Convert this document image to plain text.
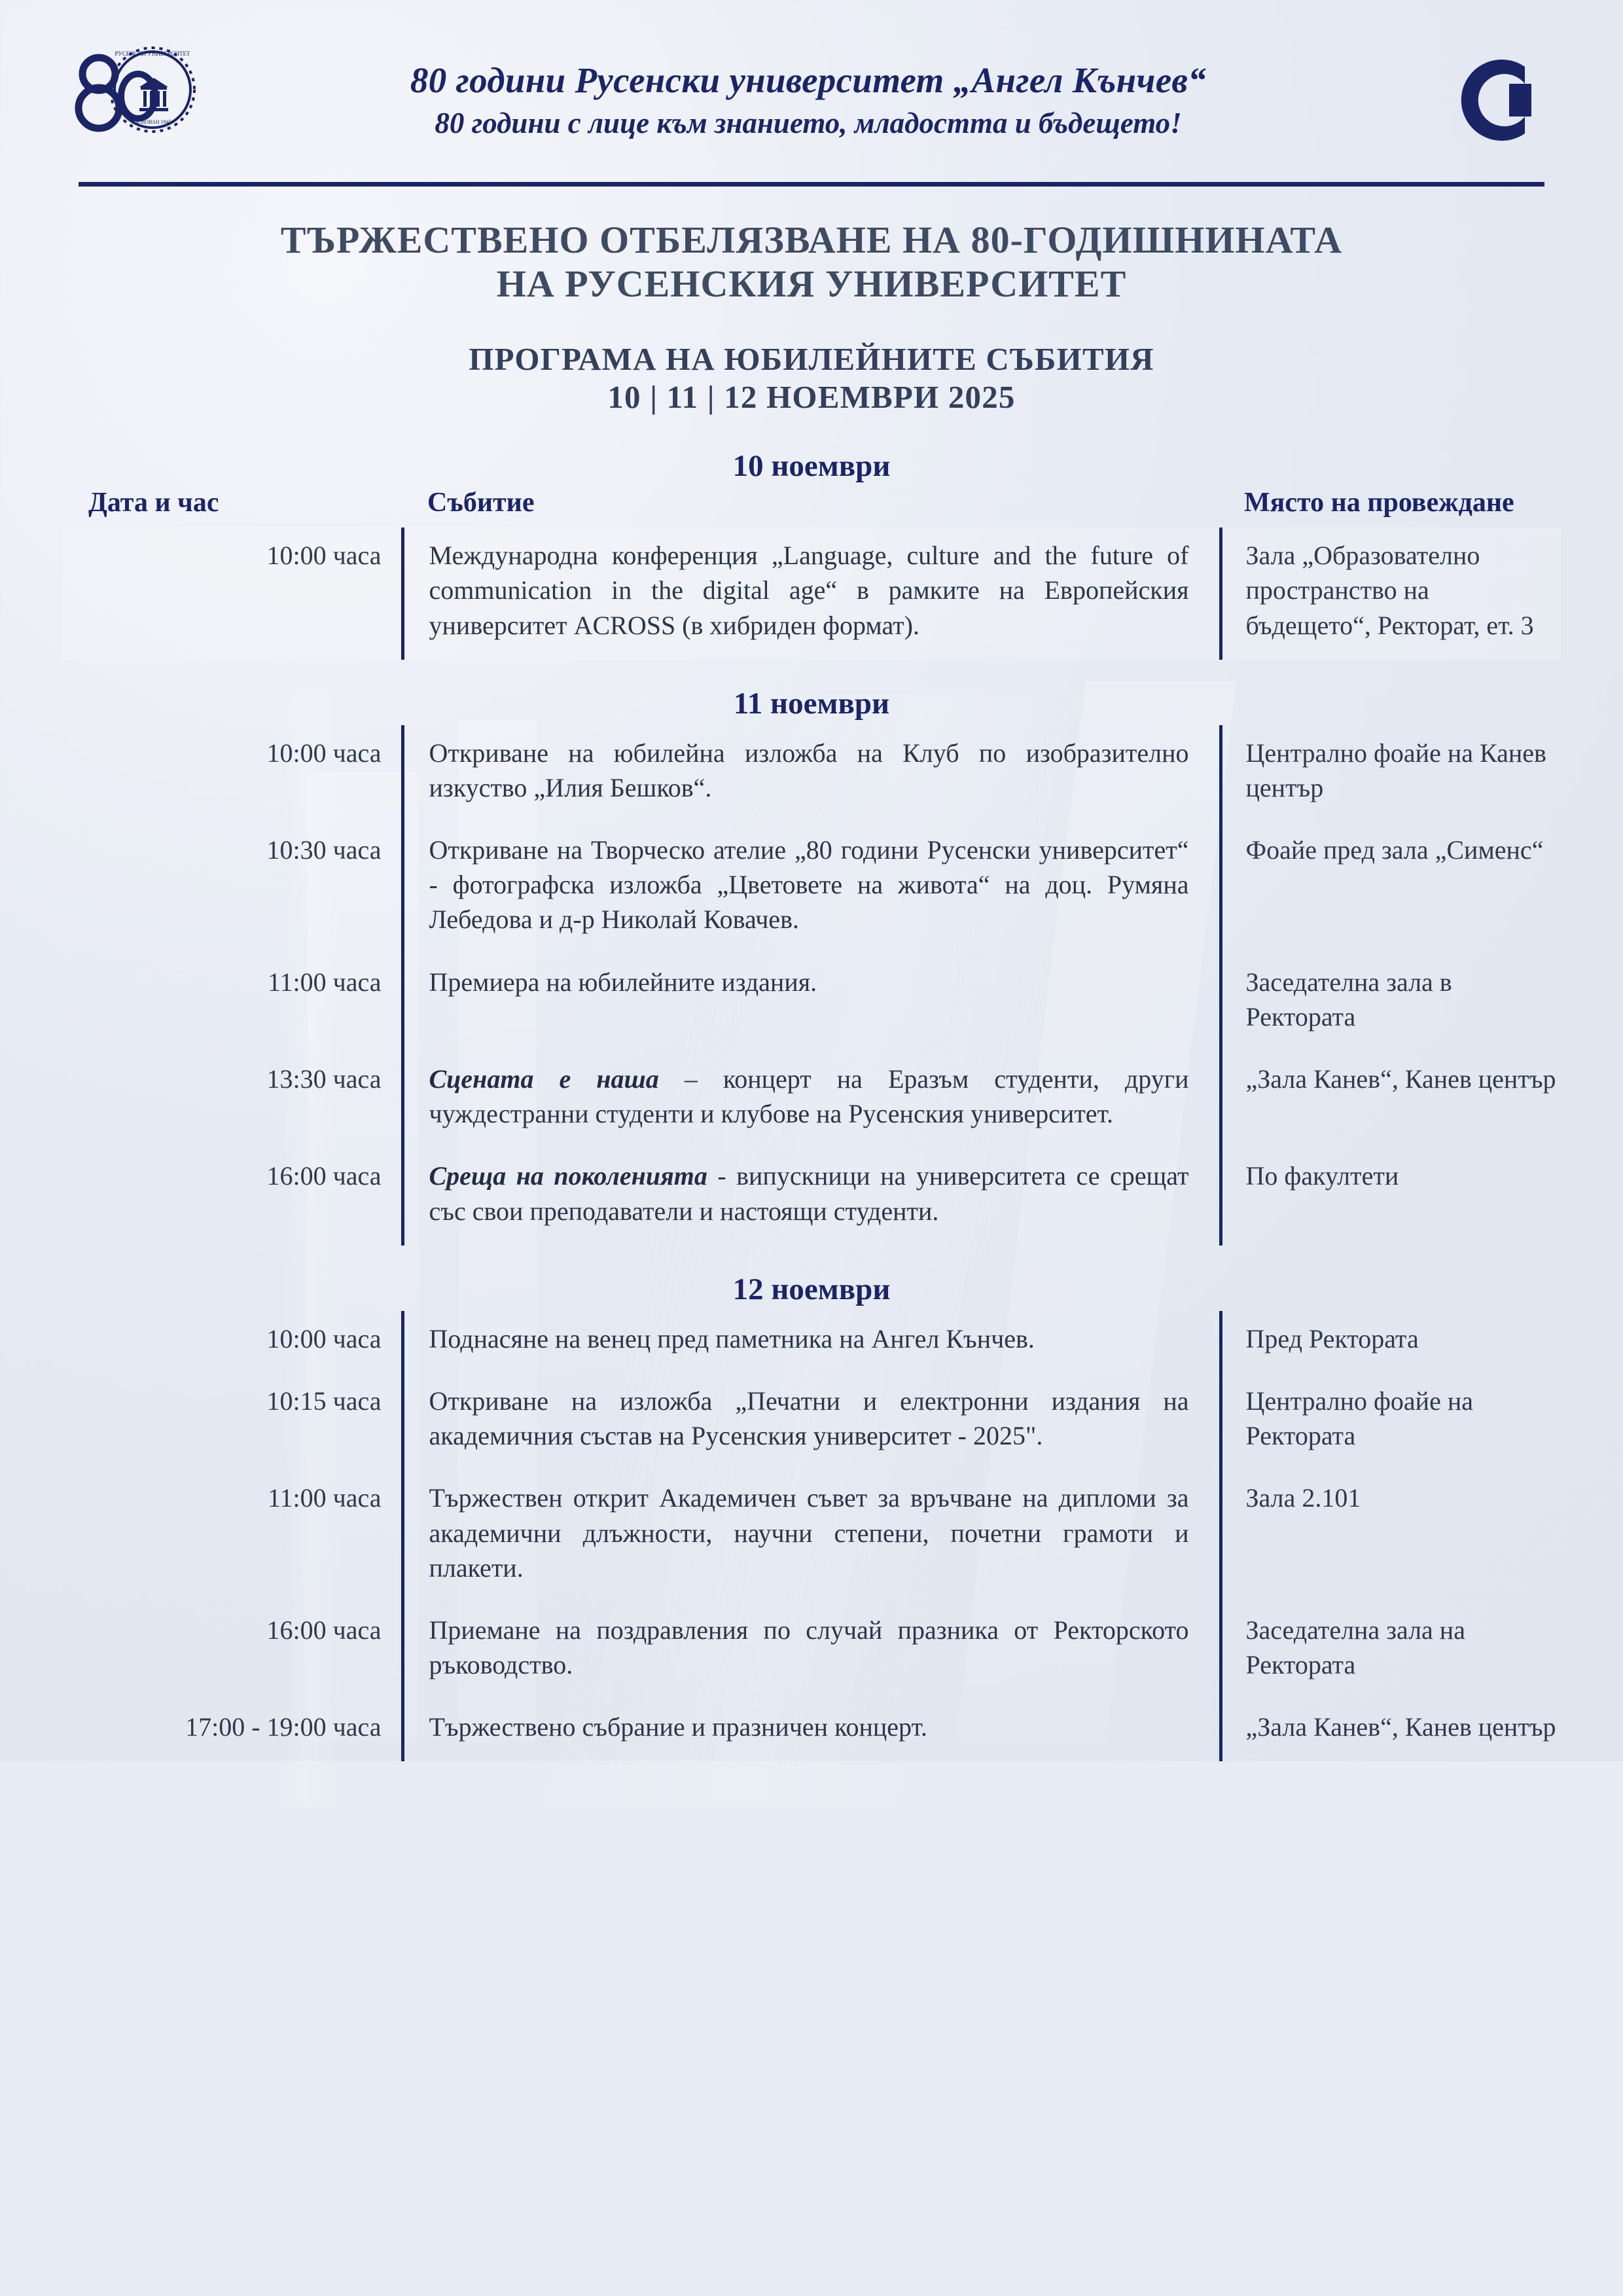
РУСЕНСКИ УНИВЕРСИТЕТ
ОСНОВАН 1945
80 години Русенски университет „Ангел Кънчев“
80 години с лице към знанието, младостта и бъдещето!
ТЪРЖЕСТВЕНО ОТБЕЛЯЗВАНЕ НА 80-ГОДИШНИНАТА
НА РУСЕНСКИЯ УНИВЕРСИТЕТ
ПРОГРАМА НА ЮБИЛЕЙНИТЕ СЪБИТИЯ
10 | 11 | 12 НОЕМВРИ 2025
10 ноември
Дата и час	Събитие	Място на провеждане
10:00 часа	Международна конференция „Language, culture and the future of communication in the digital age“ в рамките на Европейския университет ACROSS (в хибриден формат).	Зала „Образователно пространство на бъдещето“, Ректорат, ет. 3
11 ноември
10:00 часа	Откриване на юбилейна изложба на Клуб по изобразително изкуство „Илия Бешков“.	Централно фоайе на Канев център
10:30 часа	Откриване на Творческо ателие „80 години Русенски университет“ - фотографска изложба „Цветовете на живота“ на доц. Румяна Лебедова и д-р Николай Ковачев.	Фоайе пред зала „Сименс“
11:00 часа	Премиера на юбилейните издания.	Заседателна зала в Ректората
13:30 часа	Сцената е наша – концерт на Еразъм студенти, други чуждестранни студенти и клубове на Русенския университет.	„Зала Канев“, Канев център
16:00 часа	Среща на поколенията - випускници на университета се срещат със свои преподаватели и настоящи студенти.	По факултети
12 ноември
10:00 часа	Поднасяне на венец пред паметника на Ангел Кънчев.	Пред Ректората
10:15 часа	Откриване на изложба „Печатни и електронни издания на академичния състав на Русенския университет - 2025".	Централно фоайе на Ректората
11:00 часа	Тържествен открит Академичен съвет за връчване на дипломи за академични длъжности, научни степени, почетни грамоти и плакети.	Зала 2.101
16:00 часа	Приемане на поздравления по случай празника от Ректорското ръководство.	Заседателна зала на Ректората
17:00 - 19:00 часа	Тържествено събрание и празничен концерт.	„Зала Канев“, Канев център
